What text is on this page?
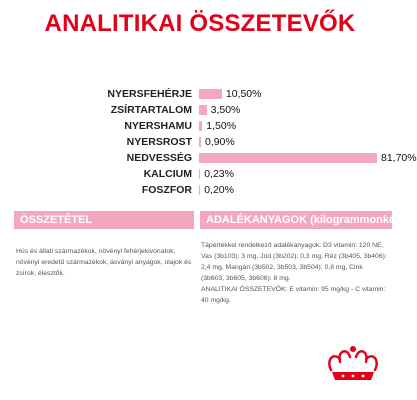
ANALITIKAI ÖSSZETEVŐK
NYERSFEHÉRJE	10,50%
ZSÍRTARTALOM 3,50%
NYERSHAMU 1,50%
NYERSROST 0,90%
NEDVESSÉG	81,70%
KALCIUM 0,23%
FOSZFOR 0,20%
ÖSSZETÉTEL	ADALÉKANYAGOK (kilogrammonként)
Hús és állati származékok, növényi fehérjekivonatok, növényi eredetű származékok, ásványi anyagok, olajok és zsírok, élesztők.
Tápértékkel rendelkező adalékanyagok: D3 vitamin: 120 NE, Vas (3b103): 3 mg, Jód (3b202): 0,3 mg, Réz (3b405, 3b406): 2,4 mg, Mangán (3b502, 3b503, 3b504): 0,8 mg, Cink (3b603, 3b605, 3b606): 8 mg.
ANALITIKAI ÖSSZETEVŐK: E vitamin: 95 mg/kg - C vitamin: 40 mg/kg.
